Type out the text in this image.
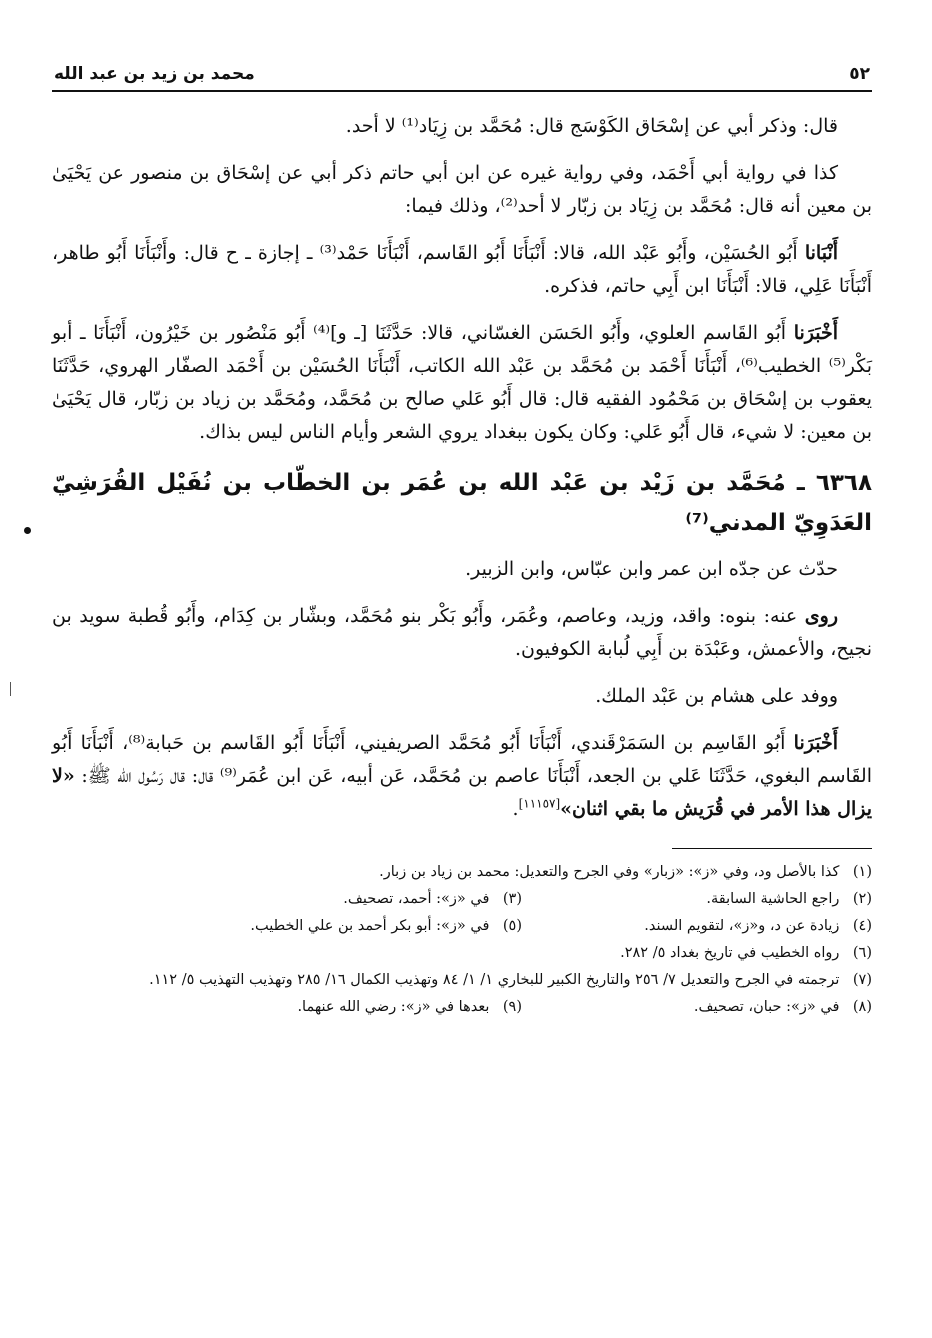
٥٢
محمد بن زيد بن عبد الله

قال: وذكر أبي عن إسْحَاق الكَوْسَج قال: مُحَمَّد بن زِيَاد⁽¹⁾ لا أحد.

كذا في رواية أبي أَحْمَد، وفي رواية غيره عن ابن أبي حاتم ذكر أبي عن إسْحَاق بن منصور عن يَحْيَىٰ بن معين أنه قال: مُحَمَّد بن زِيَاد بن زبّار لا أحد⁽²⁾، وذلك فيما:

أَنْبَانا أَبُو الحُسَيْن، وأَبُو عَبْد الله، قالا: أَنْبَأَنَا أَبُو القَاسم، أَنْبَأَنَا حَمْد⁽³⁾ ـ إجازة ـ ح قال: وأَنْبَأَنَا أَبُو طاهر، أَنْبَأَنَا عَلِي، قالا: أَنْبَأَنَا ابن أَبِي حاتم، فذكره.

أَخْبَرَنا أَبُو القَاسم العلوي، وأَبُو الحَسَن الغسّاني، قالا: حَدَّثَنَا [ـ و]⁽⁴⁾ أَبُو مَنْصُور بن خَيْرُون، أَنْبَأَنَا ـ أبو بَكْر⁽⁵⁾ الخطيب⁽⁶⁾، أَنْبَأَنَا أَحْمَد بن مُحَمَّد بن عَبْد الله الكاتب، أَنْبَأَنَا الحُسَيْن بن أَحْمَد الصفّار الهروي، حَدَّثَنَا يعقوب بن إسْحَاق بن مَحْمُود الفقيه قال: قال أَبُو عَلي صالح بن مُحَمَّد، ومُحَمَّد بن زياد بن زبّار، قال يَحْيَىٰ بن معين: لا شيء، قال أَبُو عَلي: وكان يكون ببغداد يروي الشعر وأيام الناس ليس بذاك.

٦٣٦٨ ـ مُحَمَّد بن زَيْد بن عَبْد الله بن عُمَر بن الخطّاب بن نُفَيْل القُرَشِيّ العَدَوِيّ المدني⁽⁷⁾

حدّث عن جدّه ابن عمر وابن عبّاس، وابن الزبير.

روى عنه: بنوه: واقد، وزيد، وعاصم، وعُمَر، وأَبُو بَكْر بنو مُحَمَّد، وبشّار بن كِدَام، وأَبُو قُطبة سويد بن نجيح، والأعمش، وعَبْدَة بن أَبِي لُبابة الكوفيون.

ووفد على هشام بن عَبْد الملك.

أَخْبَرَنا أَبُو القَاسِم بن السَمَرْقَندي، أَنْبَأَنَا أَبُو مُحَمَّد الصريفيني، أَنْبَأَنَا أَبُو القَاسم بن حَبابة⁽⁸⁾، أَنْبَأَنَا أَبُو القَاسم البغوي، حَدَّثَنَا عَلي بن الجعد، أَنْبَأَنَا عاصم بن مُحَمَّد، عَن أبيه، عَن ابن عُمَر⁽⁹⁾ قال: قال رَسُول الله ﷺ: «لا يزال هذا الأمر في قُرَيش ما بقي اثنان»[١١١٥٧].

(١) كذا بالأصل ود، وفي «ز»: «زبار» وفي الجرح والتعديل: محمد بن زياد بن زبار.
(٢) راجع الحاشية السابقة.
(٣) في «ز»: أحمد، تصحيف.
(٤) زيادة عن د، و«ز»، لتقويم السند.
(٥) في «ز»: أبو بكر أحمد بن علي الخطيب.
(٦) رواه الخطيب في تاريخ بغداد ٥/ ٢٨٢.
(٧) ترجمته في الجرح والتعديل ٧/ ٢٥٦ والتاريخ الكبير للبخاري ١/ ١/ ٨٤ وتهذيب الكمال ١٦/ ٢٨٥ وتهذيب التهذيب ٥/ ١١٢.
(٨) في «ز»: حبان، تصحيف.
(٩) بعدها في «ز»: رضي الله عنهما.
